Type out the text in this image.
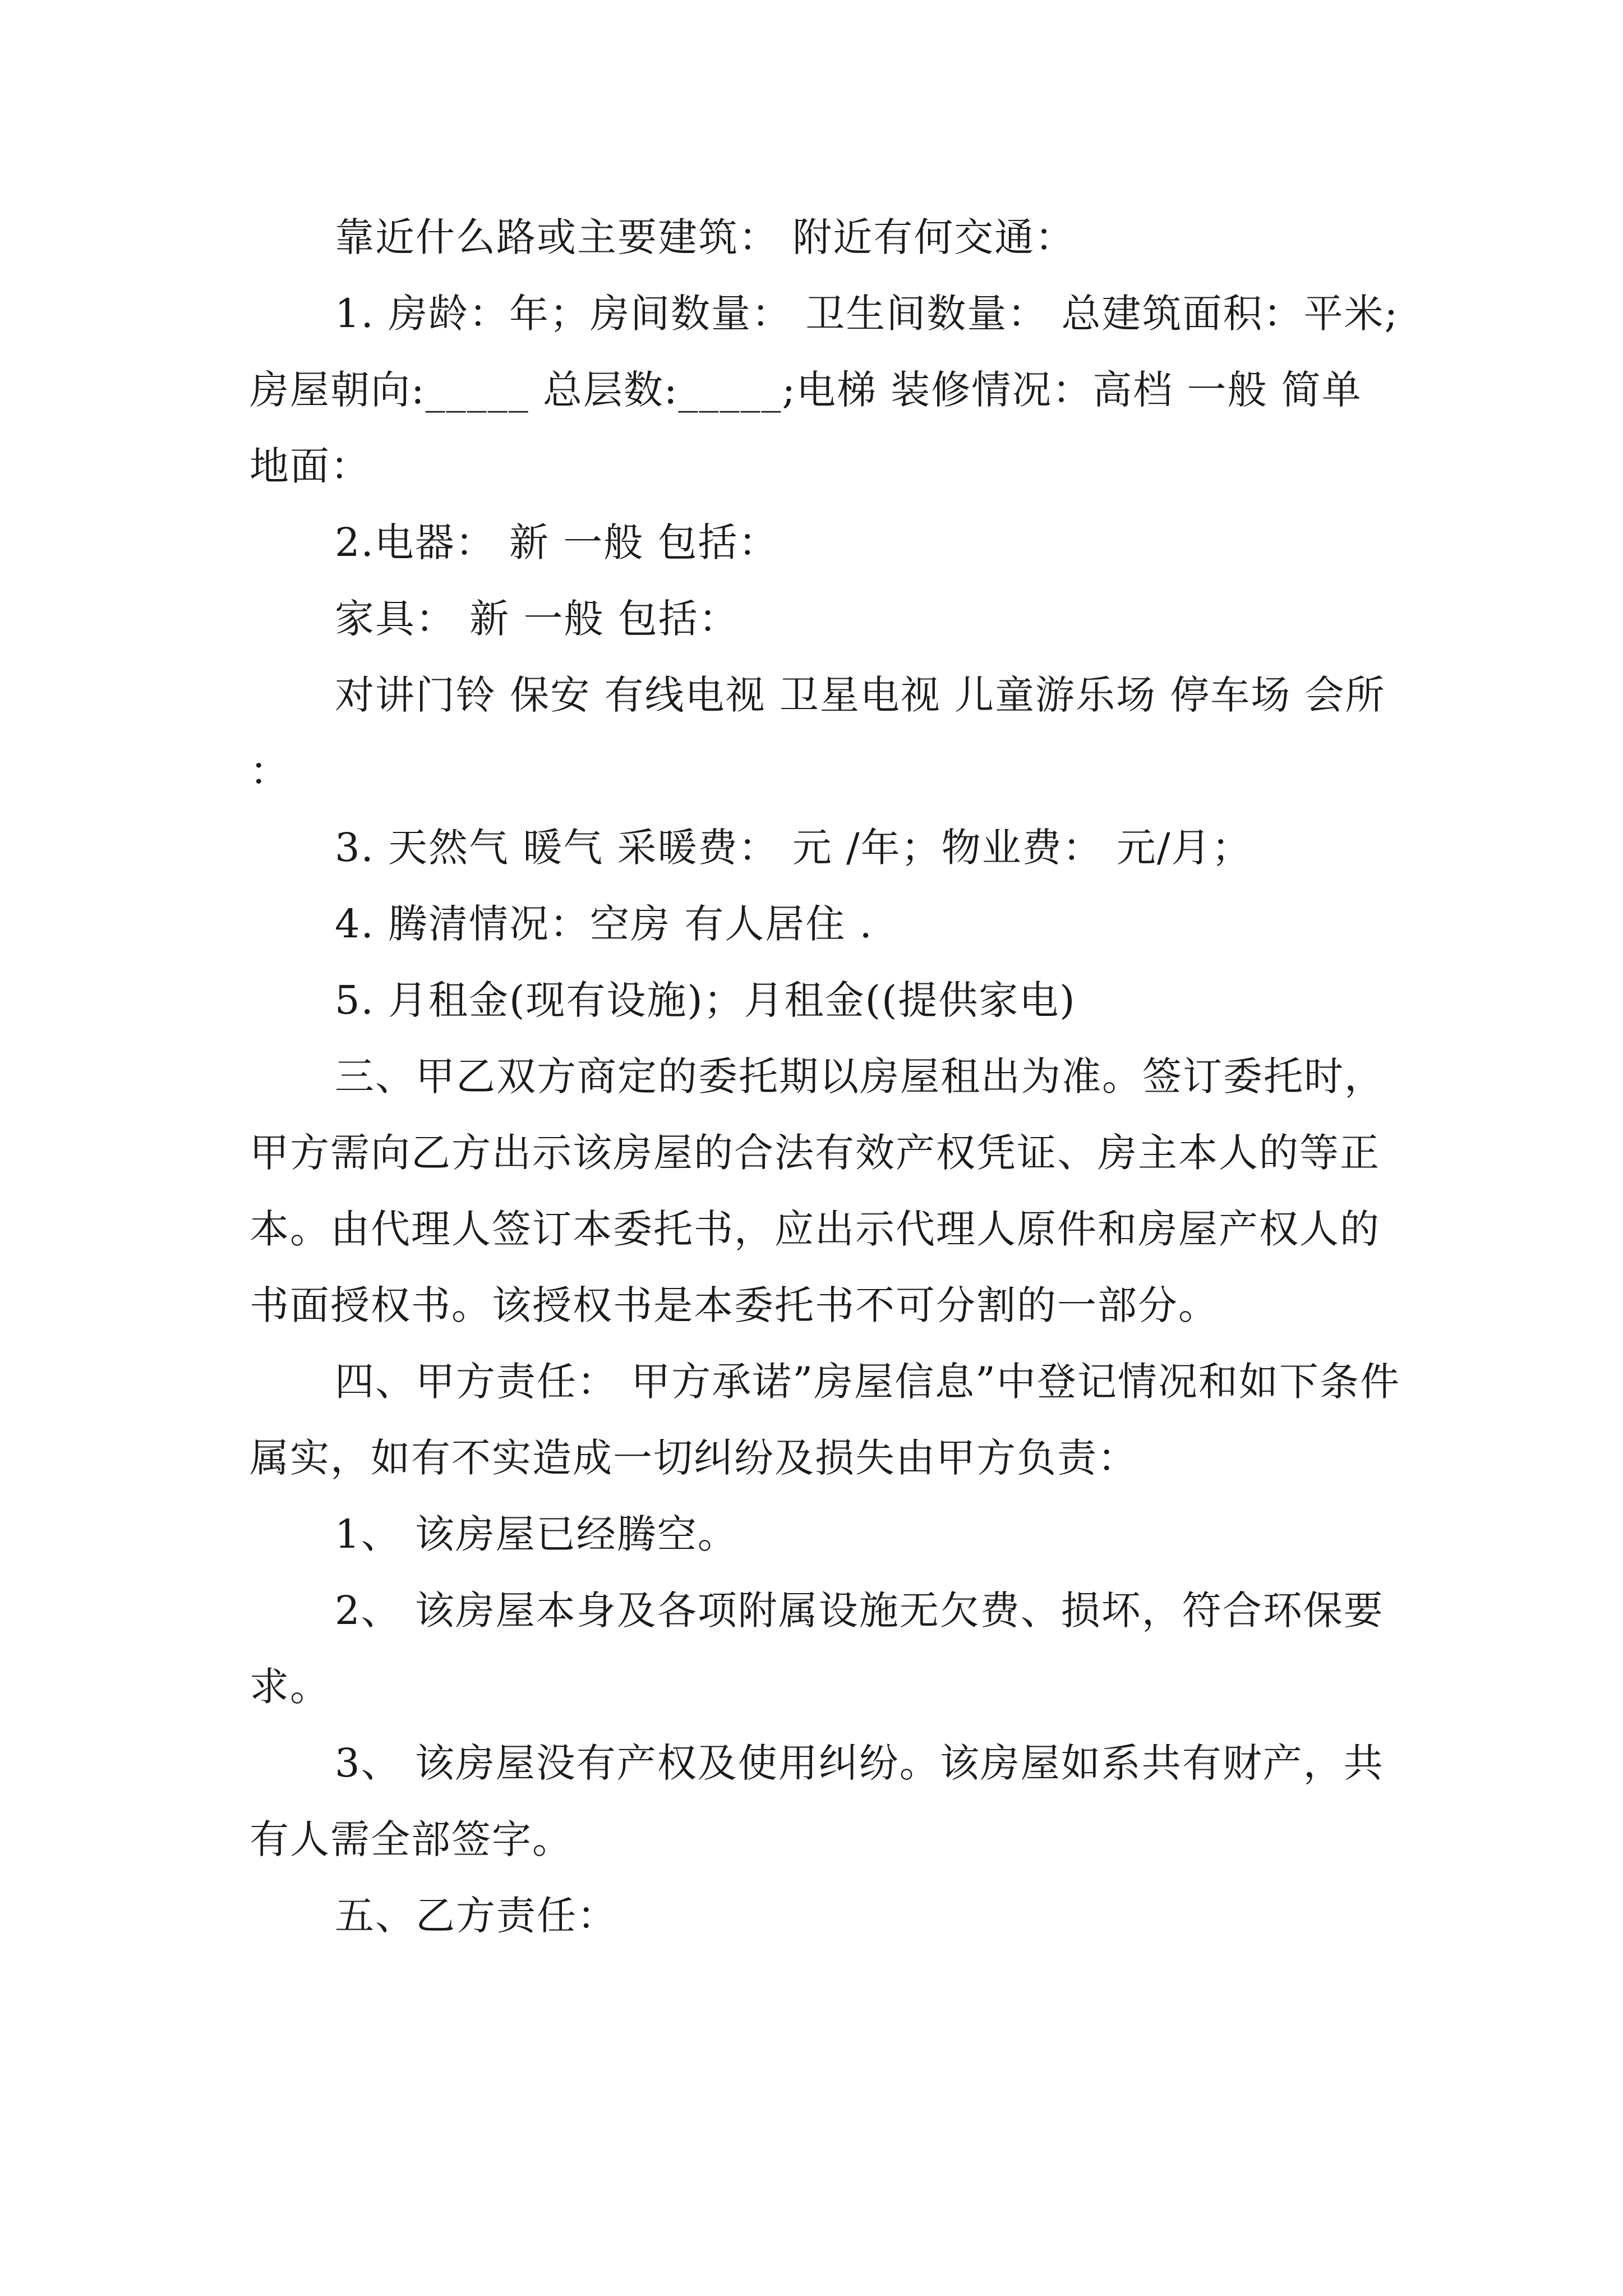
靠近什么路或主要建筑： 附近有何交通：

1. 房龄：年；房间数量： 卫生间数量： 总建筑面积：平米;房屋朝向:_____ 总层数:_____;电梯 装修情况：高档 一般 简单 地面：

2.电器： 新 一般 包括：

家具： 新 一般 包括：

对讲门铃 保安 有线电视 卫星电视 儿童游乐场 停车场 会所 ：

3. 天然气 暖气 采暖费： 元 /年；物业费： 元/月；

4. 腾清情况：空房 有人居住 .

5. 月租金(现有设施)；月租金((提供家电)

三、甲乙双方商定的委托期以房屋租出为准。签订委托时，甲方需向乙方出示该房屋的合法有效产权凭证、房主本人的等正本。由代理人签订本委托书，应出示代理人原件和房屋产权人的书面授权书。该授权书是本委托书不可分割的一部分。

四、甲方责任： 甲方承诺”房屋信息”中登记情况和如下条件属实，如有不实造成一切纠纷及损失由甲方负责：

1、 该房屋已经腾空。

2、 该房屋本身及各项附属设施无欠费、损坏，符合环保要求。

3、 该房屋没有产权及使用纠纷。该房屋如系共有财产，共有人需全部签字。

五、乙方责任：
